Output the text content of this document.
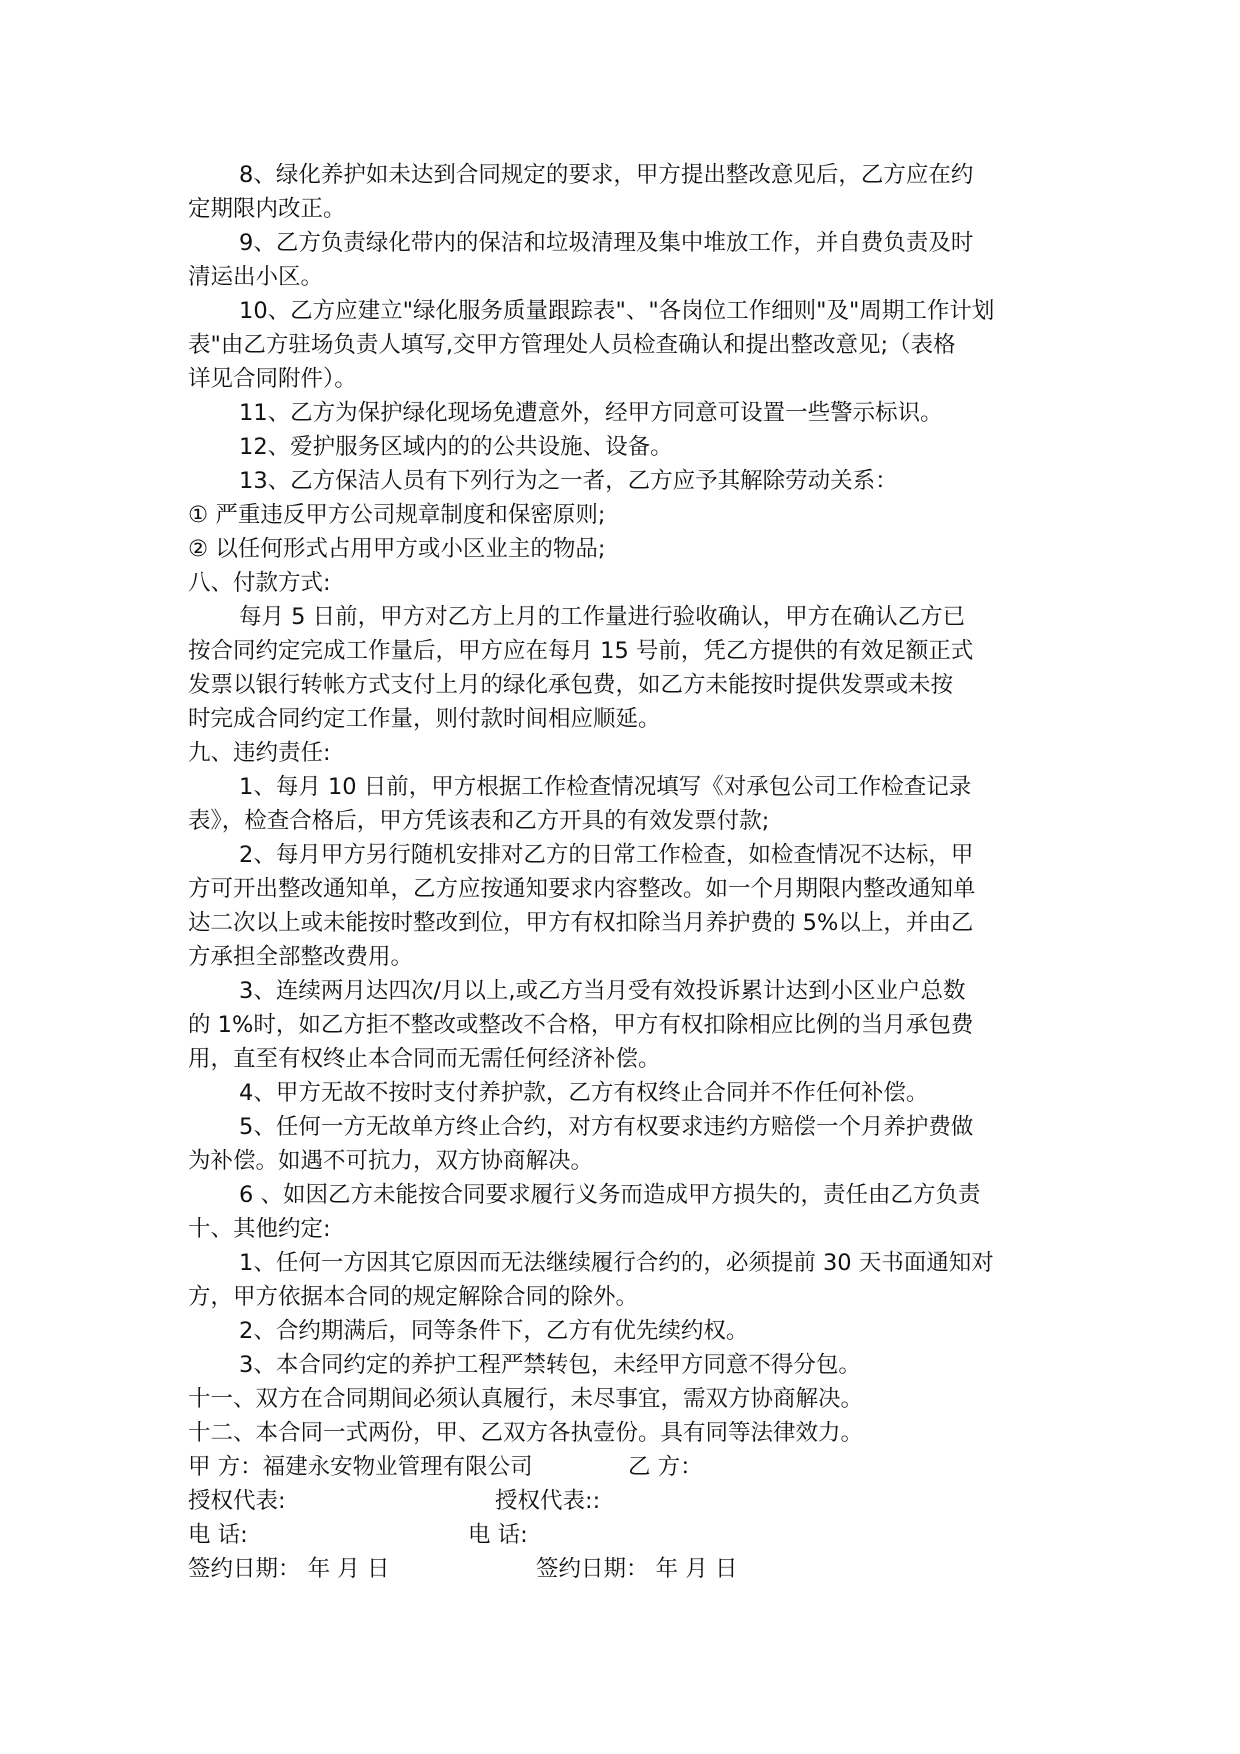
8、绿化养护如未达到合同规定的要求，甲方提出整改意见后，乙方应在约
定期限内改正。
9、乙方负责绿化带内的保洁和垃圾清理及集中堆放工作，并自费负责及时
清运出小区。
10、乙方应建立"绿化服务质量跟踪表"、"各岗位工作细则"及"周期工作计划
表"由乙方驻场负责人填写,交甲方管理处人员检查确认和提出整改意见;（表格
详见合同附件）。
11、乙方为保护绿化现场免遭意外，经甲方同意可设置一些警示标识。
12、爱护服务区域内的的公共设施、设备。
13、乙方保洁人员有下列行为之一者，乙方应予其解除劳动关系：
① 严重违反甲方公司规章制度和保密原则;
② 以任何形式占用甲方或小区业主的物品;
八、付款方式:
每月 5 日前，甲方对乙方上月的工作量进行验收确认，甲方在确认乙方已
按合同约定完成工作量后，甲方应在每月 15 号前，凭乙方提供的有效足额正式
发票以银行转帐方式支付上月的绿化承包费，如乙方未能按时提供发票或未按
时完成合同约定工作量，则付款时间相应顺延。
九、违约责任:
1、每月 10 日前，甲方根据工作检查情况填写《对承包公司工作检查记录
表》，检查合格后，甲方凭该表和乙方开具的有效发票付款;
2、每月甲方另行随机安排对乙方的日常工作检查，如检查情况不达标，甲
方可开出整改通知单，乙方应按通知要求内容整改。如一个月期限内整改通知单
达二次以上或未能按时整改到位，甲方有权扣除当月养护费的 5%以上，并由乙
方承担全部整改费用。
3、连续两月达四次/月以上,或乙方当月受有效投诉累计达到小区业户总数
的 1%时，如乙方拒不整改或整改不合格，甲方有权扣除相应比例的当月承包费
用，直至有权终止本合同而无需任何经济补偿。
4、甲方无故不按时支付养护款，乙方有权终止合同并不作任何补偿。
5、任何一方无故单方终止合约，对方有权要求违约方赔偿一个月养护费做
为补偿。如遇不可抗力，双方协商解决。
6 、如因乙方未能按合同要求履行义务而造成甲方损失的，责任由乙方负责
十、其他约定:
1、任何一方因其它原因而无法继续履行合约的，必须提前 30 天书面通知对
方，甲方依据本合同的规定解除合同的除外。
2、合约期满后，同等条件下，乙方有优先续约权。
3、本合同约定的养护工程严禁转包，未经甲方同意不得分包。
十一、双方在合同期间必须认真履行，未尽事宜，需双方协商解决。
十二、本合同一式两份，甲、乙双方各执壹份。具有同等法律效力。
甲 方：福建永安物业管理有限公司	乙 方：
授权代表:	授权代表::
电 话:	电 话:
签约日期： 年 月 日	签约日期： 年 月 日
